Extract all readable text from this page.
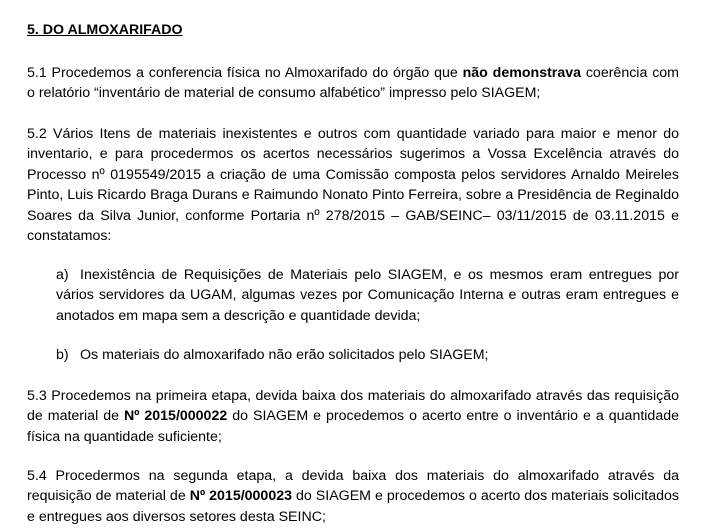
5. DO ALMOXARIFADO

5.1 Procedemos a conferencia física no Almoxarifado do órgão que não demonstrava coerência com o relatório “inventário de material de consumo alfabético” impresso pelo SIAGEM;

5.2 Vários Itens de materiais inexistentes e outros com quantidade variado para maior e menor do inventario, e para procedermos os acertos necessários sugerimos a Vossa Excelência através do Processo nº 0195549/2015 a criação de uma Comissão composta pelos servidores Arnaldo Meireles Pinto, Luis Ricardo Braga Durans e Raimundo Nonato Pinto Ferreira, sobre a Presidência de Reginaldo Soares da Silva Junior, conforme Portaria nº 278/2015 – GAB/SEINC– 03/11/2015 de 03.11.2015 e constatamos:

a) Inexistência de Requisições de Materiais pelo SIAGEM, e os mesmos eram entregues por vários servidores da UGAM, algumas vezes por Comunicação Interna e outras eram entregues e anotados em mapa sem a descrição e quantidade devida;
b) Os materiais do almoxarifado não erão solicitados pelo SIAGEM;

5.3 Procedemos na primeira etapa, devida baixa dos materiais do almoxarifado através das requisição de material de Nº 2015/000022 do SIAGEM e procedemos o acerto entre o inventário e a quantidade física na quantidade suficiente;

5.4 Procedermos na segunda etapa, a devida baixa dos materiais do almoxarifado através da requisição de material de Nº 2015/000023 do SIAGEM e procedemos o acerto dos materiais solicitados e entregues aos diversos setores desta SEINC;
